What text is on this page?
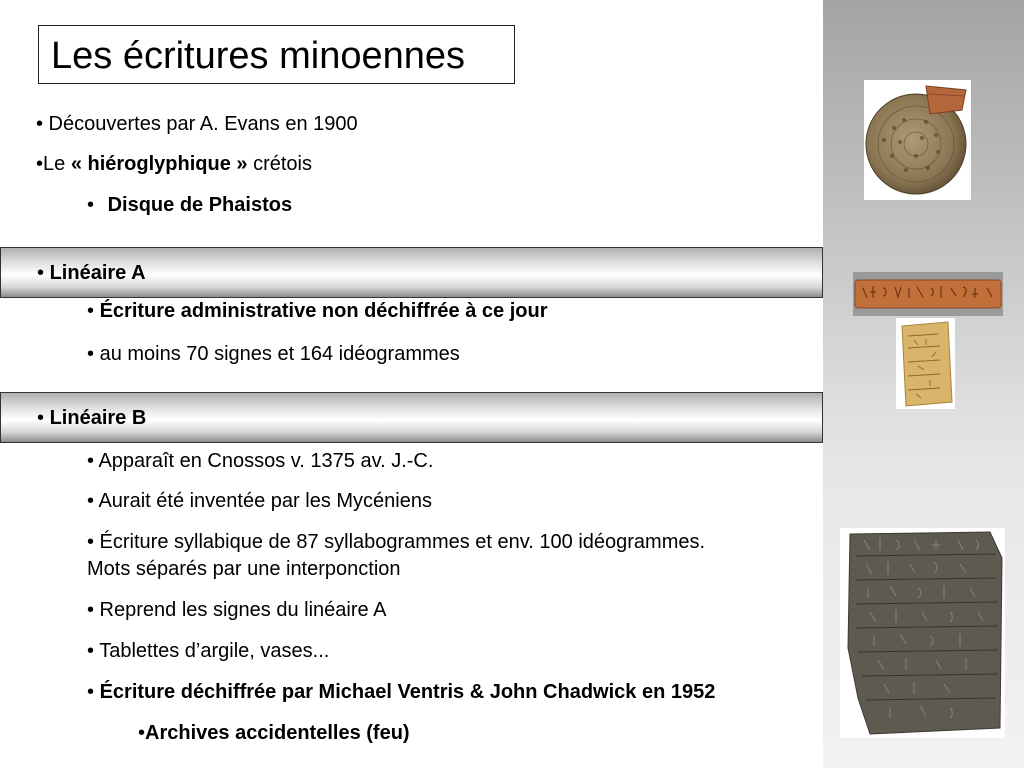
Les écritures minoennes
• Découvertes par A. Evans en 1900
•Le « hiéroglyphique » crétois
• Disque de Phaistos
• Linéaire A
• Écriture administrative non déchiffrée à ce jour
• au moins 70 signes et 164 idéogrammes
• Linéaire B
• Apparaît en Cnossos v. 1375 av. J.-C.
• Aurait été inventée par les Mycéniens
• Écriture syllabique de 87 syllabogrammes et env. 100 idéogrammes.
Mots séparés par une interponction
• Reprend les signes du linéaire A
• Tablettes d’argile, vases...
• Écriture déchiffrée par Michael Ventris & John Chadwick en 1952
•Archives accidentelles (feu)
